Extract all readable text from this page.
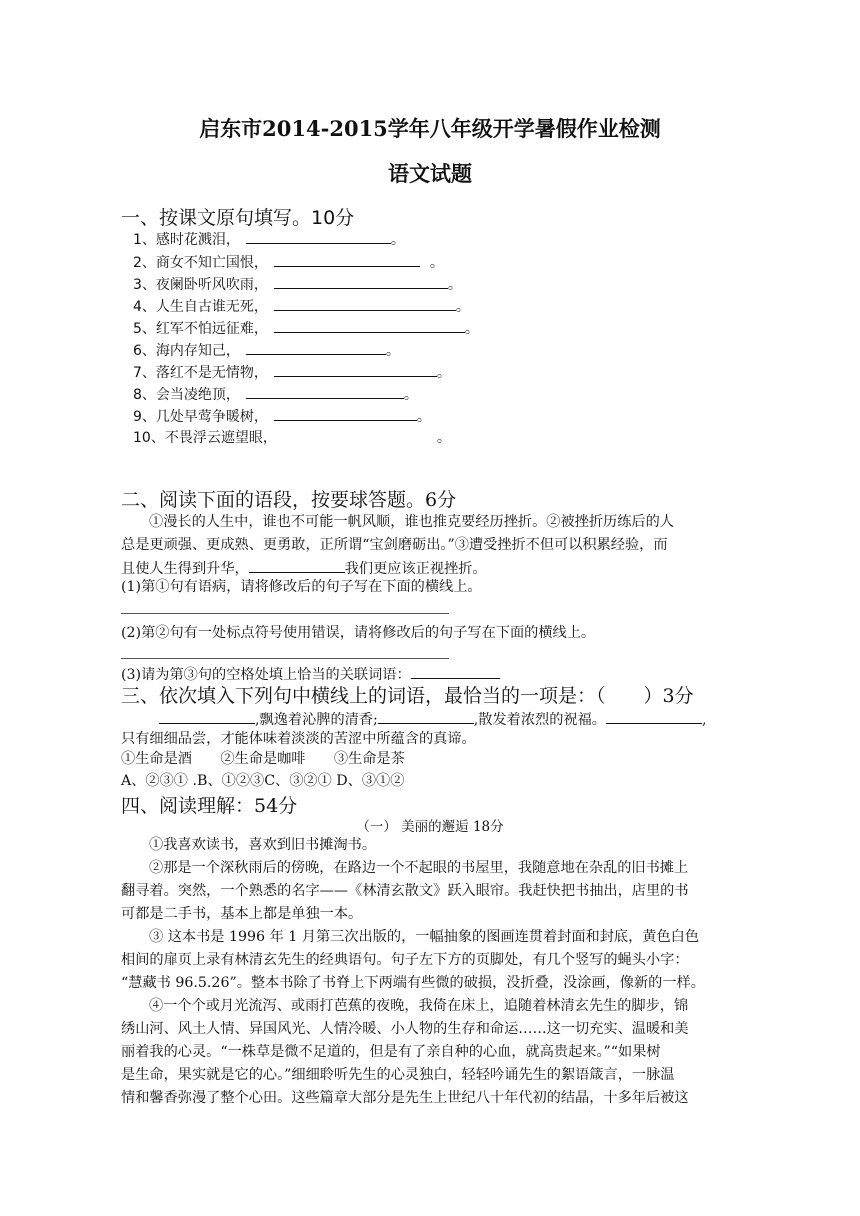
启东市2014-2015学年八年级开学暑假作业检测
语文试题
一、按课文原句填写。10分
1、感时花溅泪，	。
2、商女不知亡国恨，	。
3、夜阑卧听风吹雨，	。
4、人生自古谁无死，	。
5、红军不怕远征难，	。
6、海内存知己，	。
7、落红不是无情物，	。
8、会当凌绝顶，	。
9、几处早莺争暖树，	。
10、不畏浮云遮望眼，	。
二、阅读下面的语段，按要球答题。6分
①漫长的人生中，谁也不可能一帆风顺，谁也推克要经历挫折。②被挫折历练后的人
总是更顽强、更成熟、更勇敢，正所谓“宝剑磨砺出。”③遭受挫折不但可以积累经验，而
且使人生得到升华，	我们更应该正视挫折。
(1)第①句有语病，请将修改后的句子写在下面的横线上。
(2)第②句有一处标点符号使用错误，请将修改后的句子写在下面的横线上。
(3)请为第③句的空格处填上恰当的关联词语：
三、依次填入下列句中横线上的词语，最恰当的一项是：（　　）3分
,飘逸着沁脾的清香;	,散发着浓烈的祝福。	,
只有细细品尝，才能体味着淡淡的苦涩中所蕴含的真谛。
①生命是酒　　②生命是咖啡　　③生命是茶
A、②③① .B、①②③C、③②① D、③①②
四、阅读理解：54分
（一） 美丽的邂逅 18分
①我喜欢读书，喜欢到旧书摊淘书。
②那是一个深秋雨后的傍晚，在路边一个不起眼的书屋里，我随意地在杂乱的旧书摊上
翻寻着。突然，一个熟悉的名字——《林清玄散文》跃入眼帘。我赶快把书抽出，店里的书
可都是二手书，基本上都是单独一本。
③ 这本书是 1996 年 1 月第三次出版的，一幅抽象的图画连贯着封面和封底，黄色白色
相间的扉页上录有林清玄先生的经典语句。句子左下方的页脚处，有几个竖写的蝇头小字：
“慧藏书 96.5.26”。整本书除了书脊上下两端有些微的破损，没折叠，没涂画，像新的一样。
④一个个或月光流泻、或雨打芭蕉的夜晚，我倚在床上，追随着林清玄先生的脚步，锦
绣山河、风土人情、异国风光、人情冷暖、小人物的生存和命运……这一切充实、温暖和美
丽着我的心灵。“一株草是微不足道的，但是有了亲自种的心血，就高贵起来。”“如果树
是生命，果实就是它的心。”细细聆听先生的心灵独白，轻轻吟诵先生的絮语箴言，一脉温
情和馨香弥漫了整个心田。这些篇章大部分是先生上世纪八十年代初的结晶，十多年后被这
